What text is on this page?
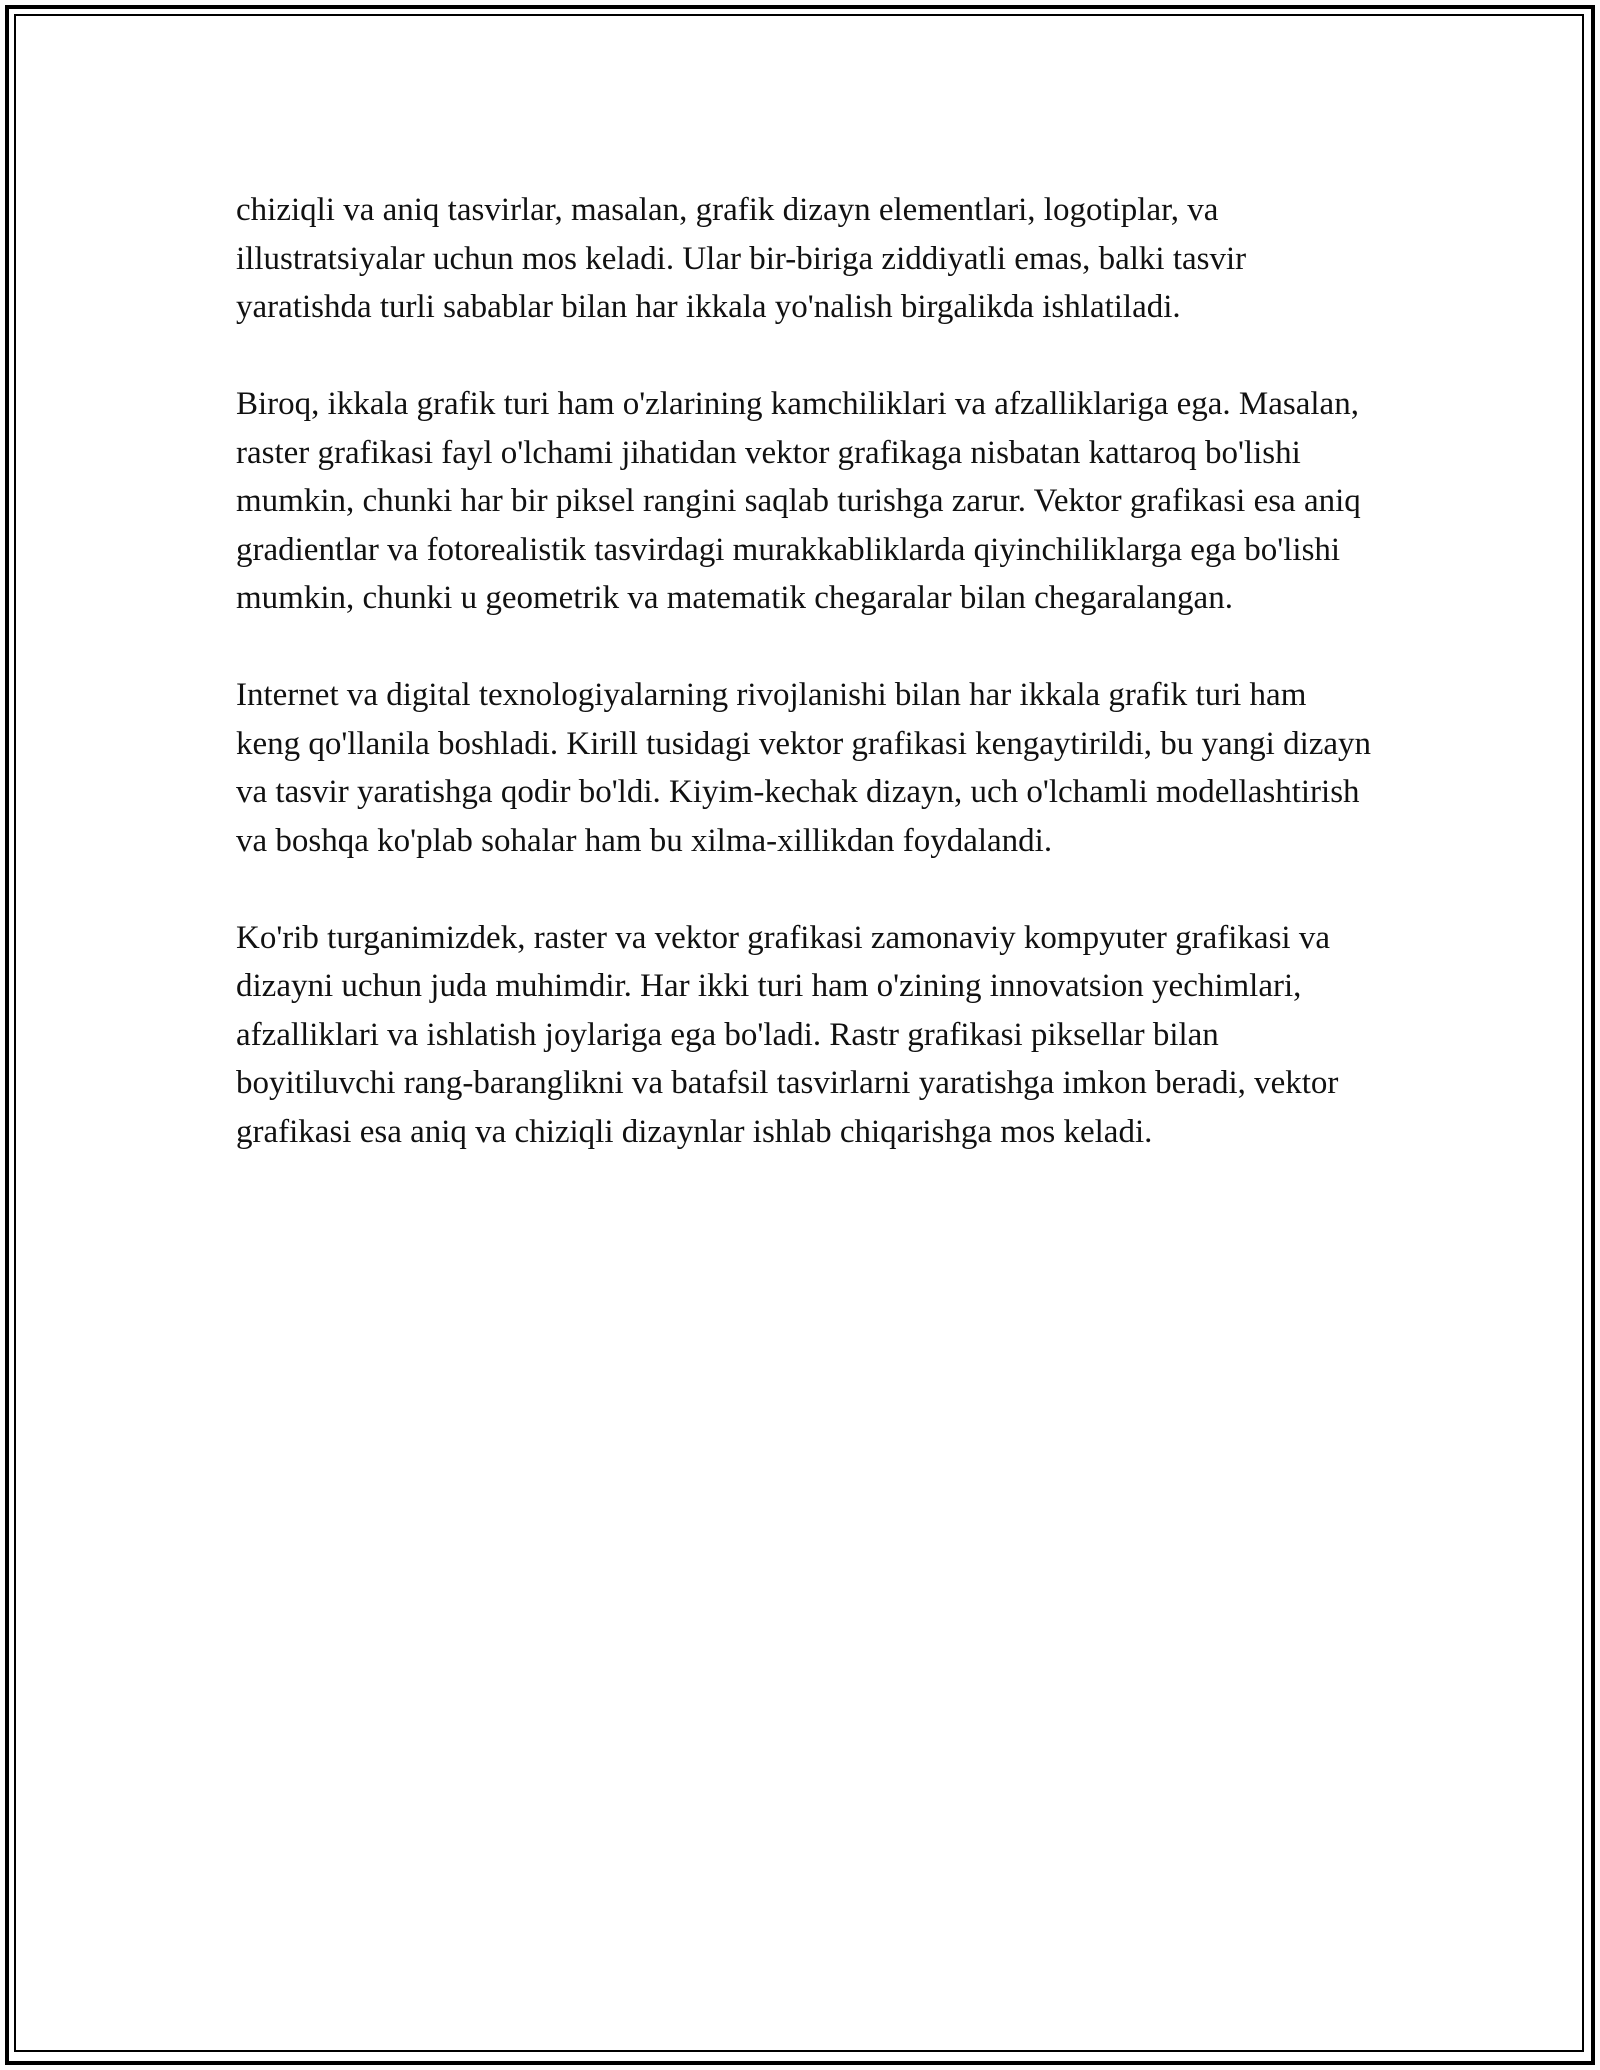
chiziqli va aniq tasvirlar, masalan, grafik dizayn elementlari, logotiplar, va illustratsiyalar uchun mos keladi. Ular bir-biriga ziddiyatli emas, balki tasvir yaratishda turli sabablar bilan har ikkala yo'nalish birgalikda ishlatiladi.

Biroq, ikkala grafik turi ham o'zlarining kamchiliklari va afzalliklariga ega. Masalan, raster grafikasi fayl o'lchami jihatidan vektor grafikaga nisbatan kattaroq bo'lishi mumkin, chunki har bir piksel rangini saqlab turishga zarur. Vektor grafikasi esa aniq gradientlar va fotorealistik tasvirdagi murakkabliklarda qiyinchiliklarga ega bo'lishi mumkin, chunki u geometrik va matematik chegaralar bilan chegaralangan.

Internet va digital texnologiyalarning rivojlanishi bilan har ikkala grafik turi ham keng qo'llanila boshladi. Kirill tusidagi vektor grafikasi kengaytirildi, bu yangi dizayn va tasvir yaratishga qodir bo'ldi. Kiyim-kechak dizayn, uch o'lchamli modellashtirish va boshqa ko'plab sohalar ham bu xilma-xillikdan foydalandi.

Ko'rib turganimizdek, raster va vektor grafikasi zamonaviy kompyuter grafikasi va dizayni uchun juda muhimdir. Har ikki turi ham o'zining innovatsion yechimlari, afzalliklari va ishlatish joylariga ega bo'ladi. Rastr grafikasi piksellar bilan boyitiluvchi rang-baranglikni va batafsil tasvirlarni yaratishga imkon beradi, vektor grafikasi esa aniq va chiziqli dizaynlar ishlab chiqarishga mos keladi.
